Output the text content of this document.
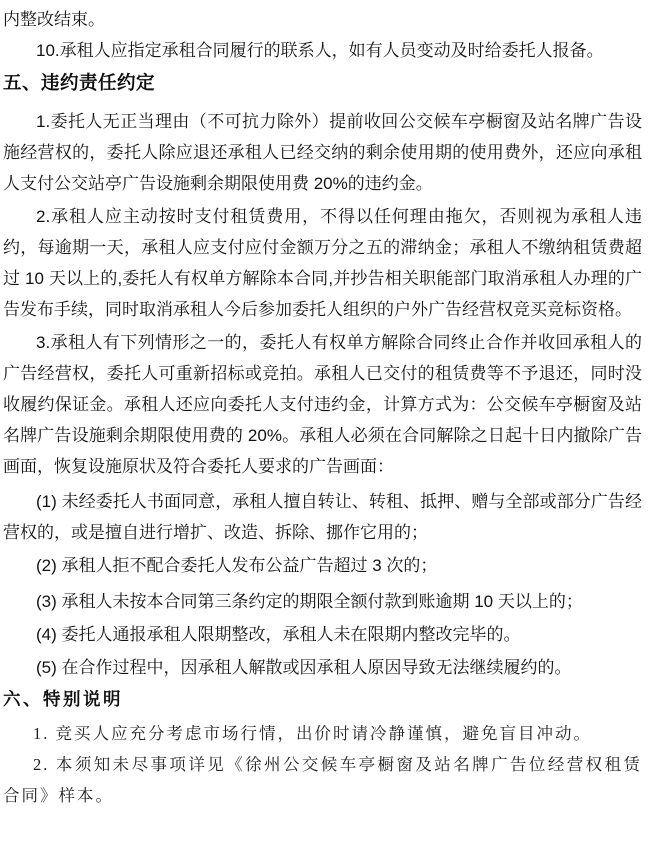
内整改结束。

10.承租人应指定承租合同履行的联系人，如有人员变动及时给委托人报备。

五、违约责任约定

1.委托人无正当理由（不可抗力除外）提前收回公交候车亭橱窗及站名牌广告设施经营权的，委托人除应退还承租人已经交纳的剩余使用期的使用费外，还应向承租人支付公交站亭广告设施剩余期限使用费 20%的违约金。

2.承租人应主动按时支付租赁费用，不得以任何理由拖欠，否则视为承租人违约，每逾期一天，承租人应支付应付金额万分之五的滞纳金；承租人不缴纳租赁费超过 10 天以上的,委托人有权单方解除本合同,并抄告相关职能部门取消承租人办理的广告发布手续，同时取消承租人今后参加委托人组织的户外广告经营权竞买竞标资格。

3.承租人有下列情形之一的，委托人有权单方解除合同终止合作并收回承租人的广告经营权，委托人可重新招标或竞拍。承租人已交付的租赁费等不予退还，同时没收履约保证金。承租人还应向委托人支付违约金，计算方式为：公交候车亭橱窗及站名牌广告设施剩余期限使用费的 20%。承租人必须在合同解除之日起十日内撤除广告画面，恢复设施原状及符合委托人要求的广告画面：

(1) 未经委托人书面同意，承租人擅自转让、转租、抵押、赠与全部或部分广告经营权的，或是擅自进行增扩、改造、拆除、挪作它用的；

(2) 承租人拒不配合委托人发布公益广告超过 3 次的；

(3) 承租人未按本合同第三条约定的期限全额付款到账逾期 10 天以上的；

(4) 委托人通报承租人限期整改，承租人未在限期内整改完毕的。

(5) 在合作过程中，因承租人解散或因承租人原因导致无法继续履约的。

六、特别说明

1. 竞买人应充分考虑市场行情，出价时请冷静谨慎，避免盲目冲动。

2. 本须知未尽事项详见《徐州公交候车亭橱窗及站名牌广告位经营权租赁合同》样本。
